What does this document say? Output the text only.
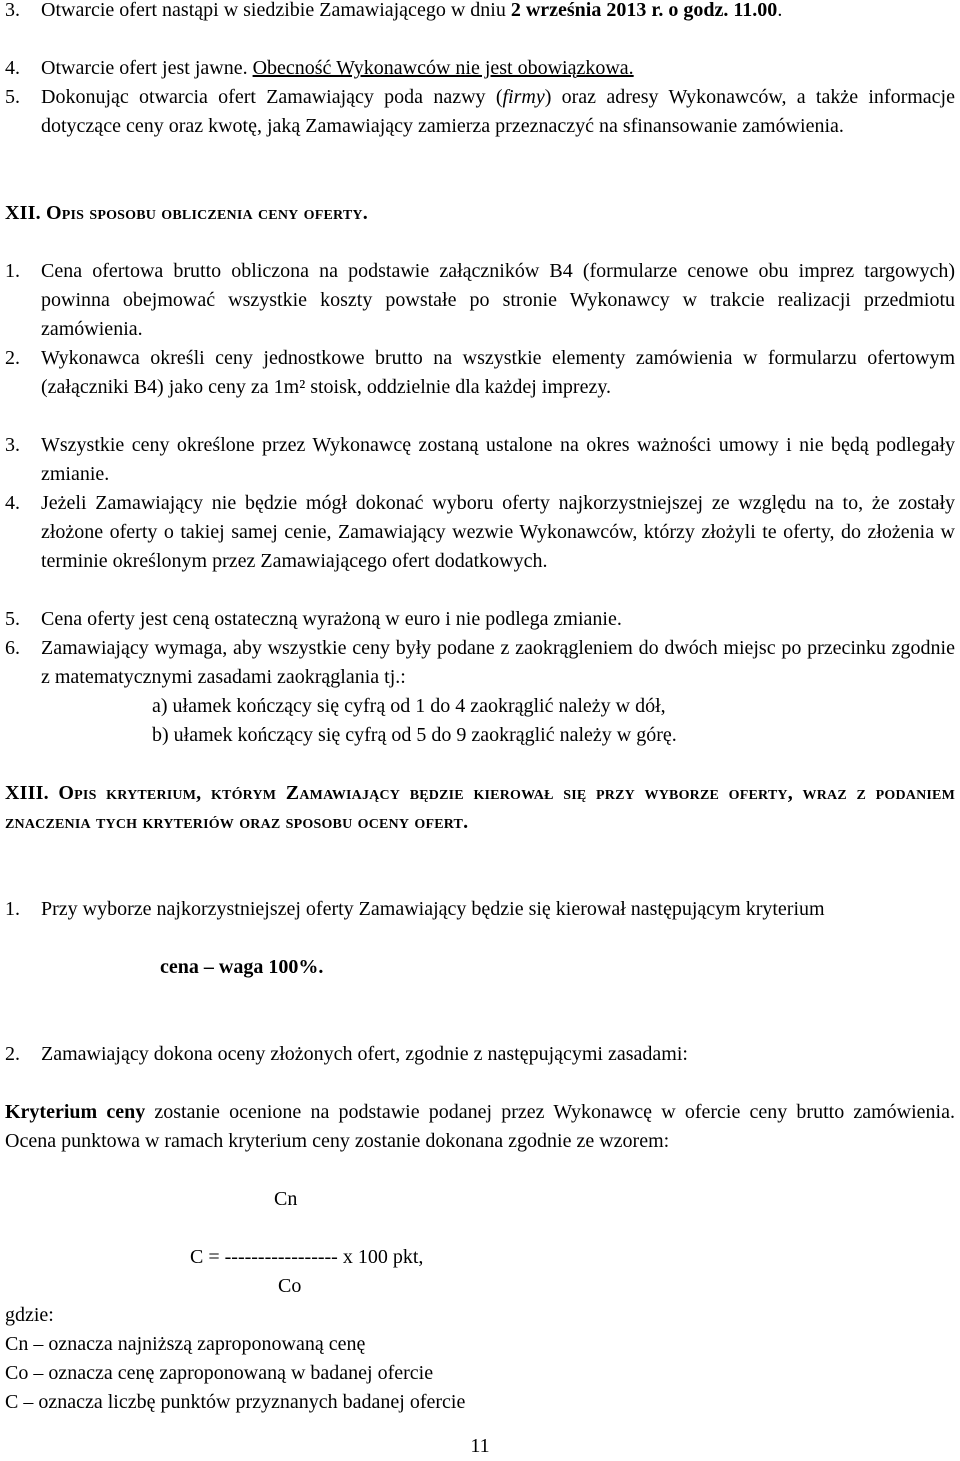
3. Otwarcie ofert nastąpi w siedzibie Zamawiającego w dniu 2 września 2013 r. o godz. 11.00.
4. Otwarcie ofert jest jawne. Obecność Wykonawców nie jest obowiązkowa.
5. Dokonując otwarcia ofert Zamawiający poda nazwy (firmy) oraz adresy Wykonawców, a także informacje dotyczące ceny oraz kwotę, jaką Zamawiający zamierza przeznaczyć na sfinansowanie zamówienia.
XII. Opis sposobu obliczenia ceny oferty.
1. Cena ofertowa brutto obliczona na podstawie załączników B4 (formularze cenowe obu imprez targowych) powinna obejmować wszystkie koszty powstałe po stronie Wykonawcy w trakcie realizacji przedmiotu zamówienia.
2. Wykonawca określi ceny jednostkowe brutto na wszystkie elementy zamówienia w formularzu ofertowym (załączniki B4) jako ceny za 1m² stoisk, oddzielnie dla każdej imprezy.
3. Wszystkie ceny określone przez Wykonawcę zostaną ustalone na okres ważności umowy i nie będą podlegały zmianie.
4. Jeżeli Zamawiający nie będzie mógł dokonać wyboru oferty najkorzystniejszej ze względu na to, że zostały złożone oferty o takiej samej cenie, Zamawiający wezwie Wykonawców, którzy złożyli te oferty, do złożenia w terminie określonym przez Zamawiającego ofert dodatkowych.
5. Cena oferty jest ceną ostateczną wyrażoną w euro i nie podlega zmianie.
6. Zamawiający wymaga, aby wszystkie ceny były podane z zaokrągleniem do dwóch miejsc po przecinku zgodnie z matematycznymi zasadami zaokrąglania tj.:
a) ułamek kończący się cyfrą od 1 do 4 zaokrąglić należy w dół,
b) ułamek kończący się cyfrą od 5 do 9 zaokrąglić należy w górę.
XIII. Opis kryterium, którym Zamawiający będzie kierował się przy wyborze oferty, wraz z podaniem znaczenia tych kryteriów oraz sposobu oceny ofert.
1. Przy wyborze najkorzystniejszej oferty Zamawiający będzie się kierował następującym kryterium
cena – waga 100%.
2. Zamawiający dokona oceny złożonych ofert, zgodnie z następującymi zasadami:
Kryterium ceny zostanie ocenione na podstawie podanej przez Wykonawcę w ofercie ceny brutto zamówienia. Ocena punktowa w ramach kryterium ceny zostanie dokonana zgodnie ze wzorem:
Cn
C = ----------------- x 100 pkt,
Co
gdzie:
Cn – oznacza najniższą zaproponowaną cenę
Co – oznacza cenę zaproponowaną w badanej ofercie
C – oznacza liczbę punktów przyznanych badanej ofercie
11
